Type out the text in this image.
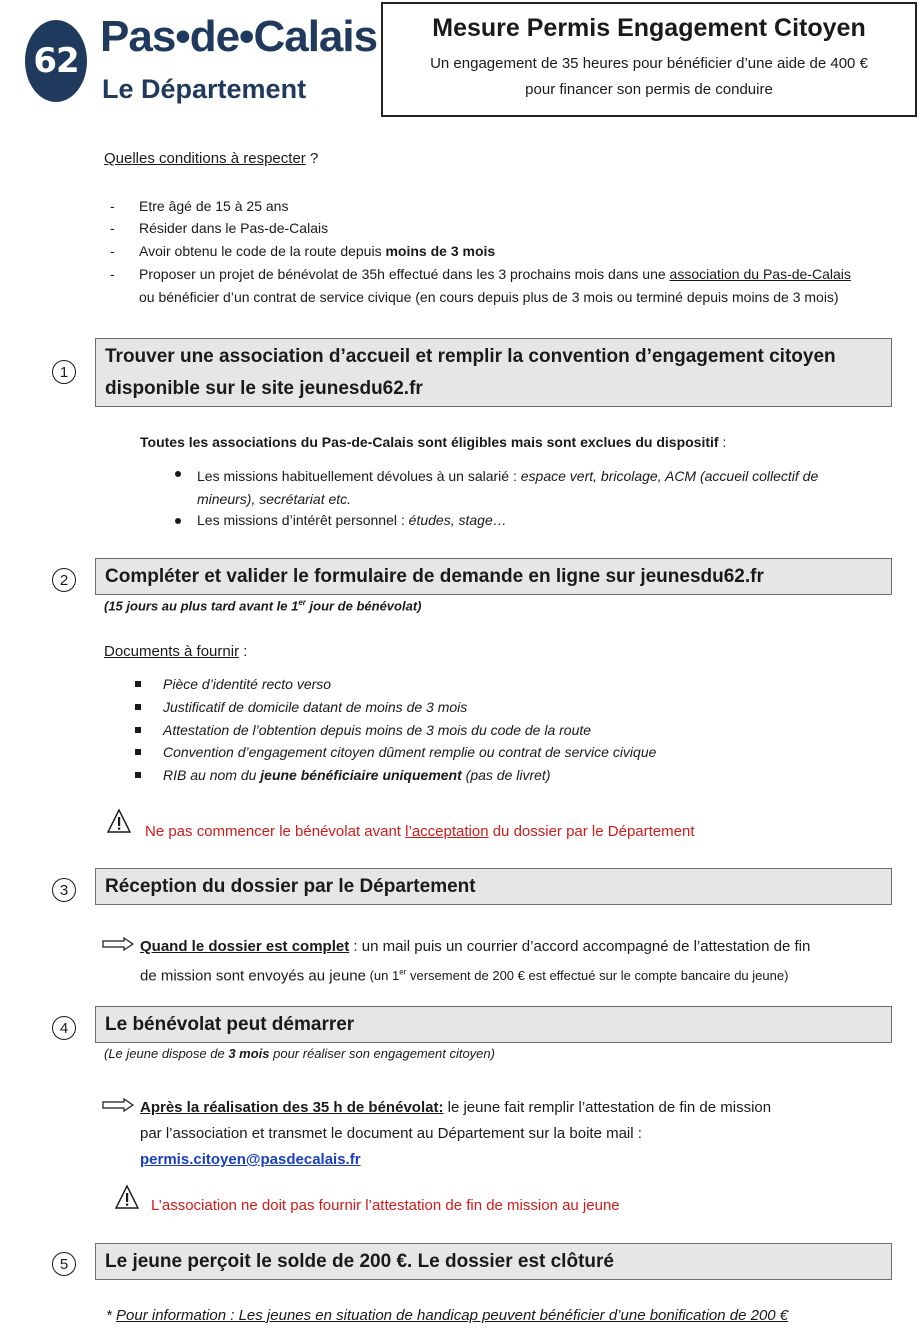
62 Pas•de•Calais
Le Département
Mesure Permis Engagement Citoyen
Un engagement de 35 heures pour bénéficier d’une aide de 400 €
pour financer son permis de conduire
Quelles conditions à respecter ?
- Etre âgé de 15 à 25 ans
- Résider dans le Pas-de-Calais
- Avoir obtenu le code de la route depuis moins de 3 mois
- Proposer un projet de bénévolat de 35h effectué dans les 3 prochains mois dans une association du Pas-de-Calais
ou bénéficier d’un contrat de service civique (en cours depuis plus de 3 mois ou terminé depuis moins de 3 mois)
1
Trouver une association d’accueil et remplir la convention d’engagement citoyen
disponible sur le site jeunesdu62.fr
Toutes les associations du Pas-de-Calais sont éligibles mais sont exclues du dispositif :
Les missions habituellement dévolues à un salarié : espace vert, bricolage, ACM (accueil collectif de
mineurs), secrétariat etc.
Les missions d’intérêt personnel : études, stage…
2	Compléter et valider le formulaire de demande en ligne sur jeunesdu62.fr
(15 jours au plus tard avant le 1er jour de bénévolat)
Documents à fournir :
Pièce d’identité recto verso
Justificatif de domicile datant de moins de 3 mois
Attestation de l’obtention depuis moins de 3 mois du code de la route
Convention d’engagement citoyen dûment remplie ou contrat de service civique
RIB au nom du jeune bénéficiaire uniquement (pas de livret)
Ne pas commencer le bénévolat avant l’acceptation du dossier par le Département
3	Réception du dossier par le Département
Quand le dossier est complet : un mail puis un courrier d’accord accompagné de l’attestation de fin
de mission sont envoyés au jeune (un 1er versement de 200 € est effectué sur le compte bancaire du jeune)
4	Le bénévolat peut démarrer
(Le jeune dispose de 3 mois pour réaliser son engagement citoyen)
Après la réalisation des 35 h de bénévolat: le jeune fait remplir l’attestation de fin de mission
par l’association et transmet le document au Département sur la boite mail :
permis.citoyen@pasdecalais.fr
L’association ne doit pas fournir l’attestation de fin de mission au jeune
5	Le jeune perçoit le solde de 200 €. Le dossier est clôturé
* Pour information : Les jeunes en situation de handicap peuvent bénéficier d’une bonification de 200 €
